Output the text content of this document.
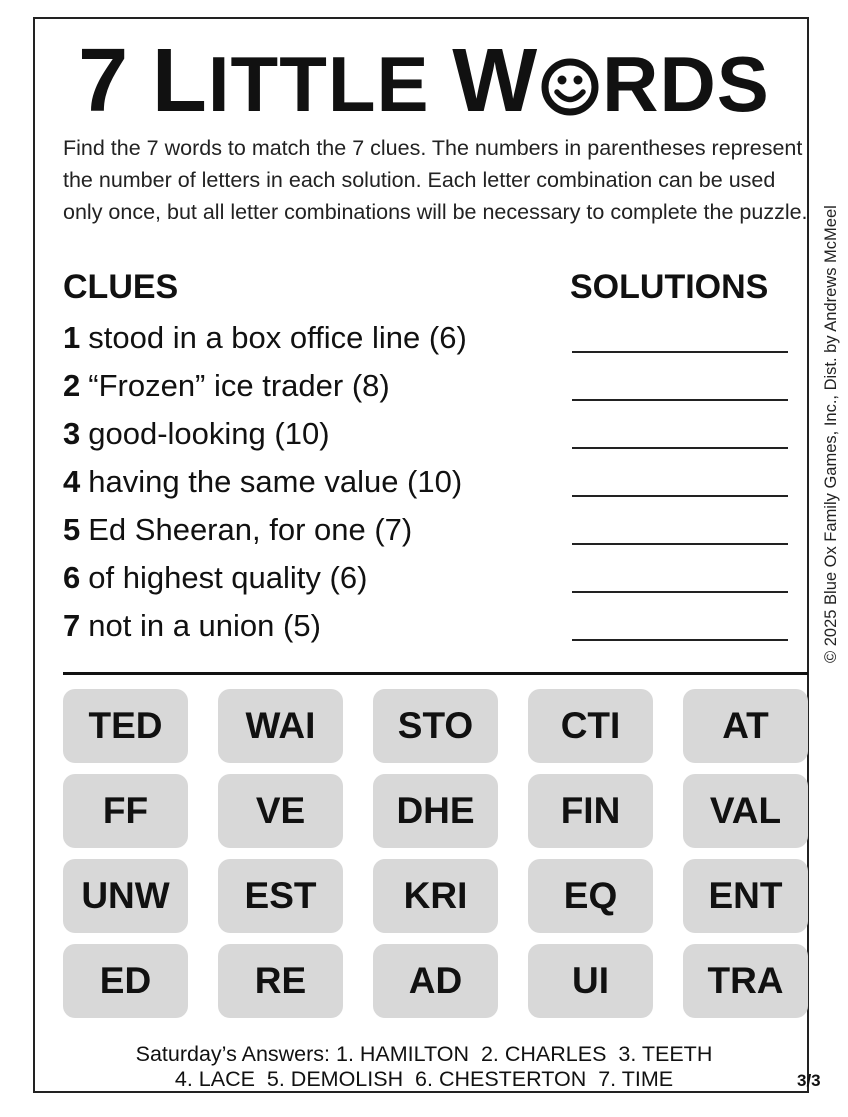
7 LITTLE W RDS
Find the 7 words to match the 7 clues. The numbers in parentheses represent the number of letters in each solution. Each letter combination can be used only once, but all letter combinations will be necessary to complete the puzzle.
CLUES	SOLUTIONS
1 stood in a box office line (6)
2 “Frozen” ice trader (8)
3 good-looking (10)
4 having the same value (10)
5 Ed Sheeran, for one (7)
6 of highest quality (6)
7 not in a union (5)	© 2025 Blue Ox Family Games, Inc., Dist. by Andrews McMeel
TED	WAI	STO	CTI	AT
FF	VE	DHE	FIN	VAL
UNW	EST	KRI	EQ	ENT
ED	RE	AD	UI	TRA
Saturday’s Answers: 1. HAMILTON  2. CHARLES  3. TEETH
4. LACE  5. DEMOLISH  6. CHESTERTON  7. TIME	3/3
